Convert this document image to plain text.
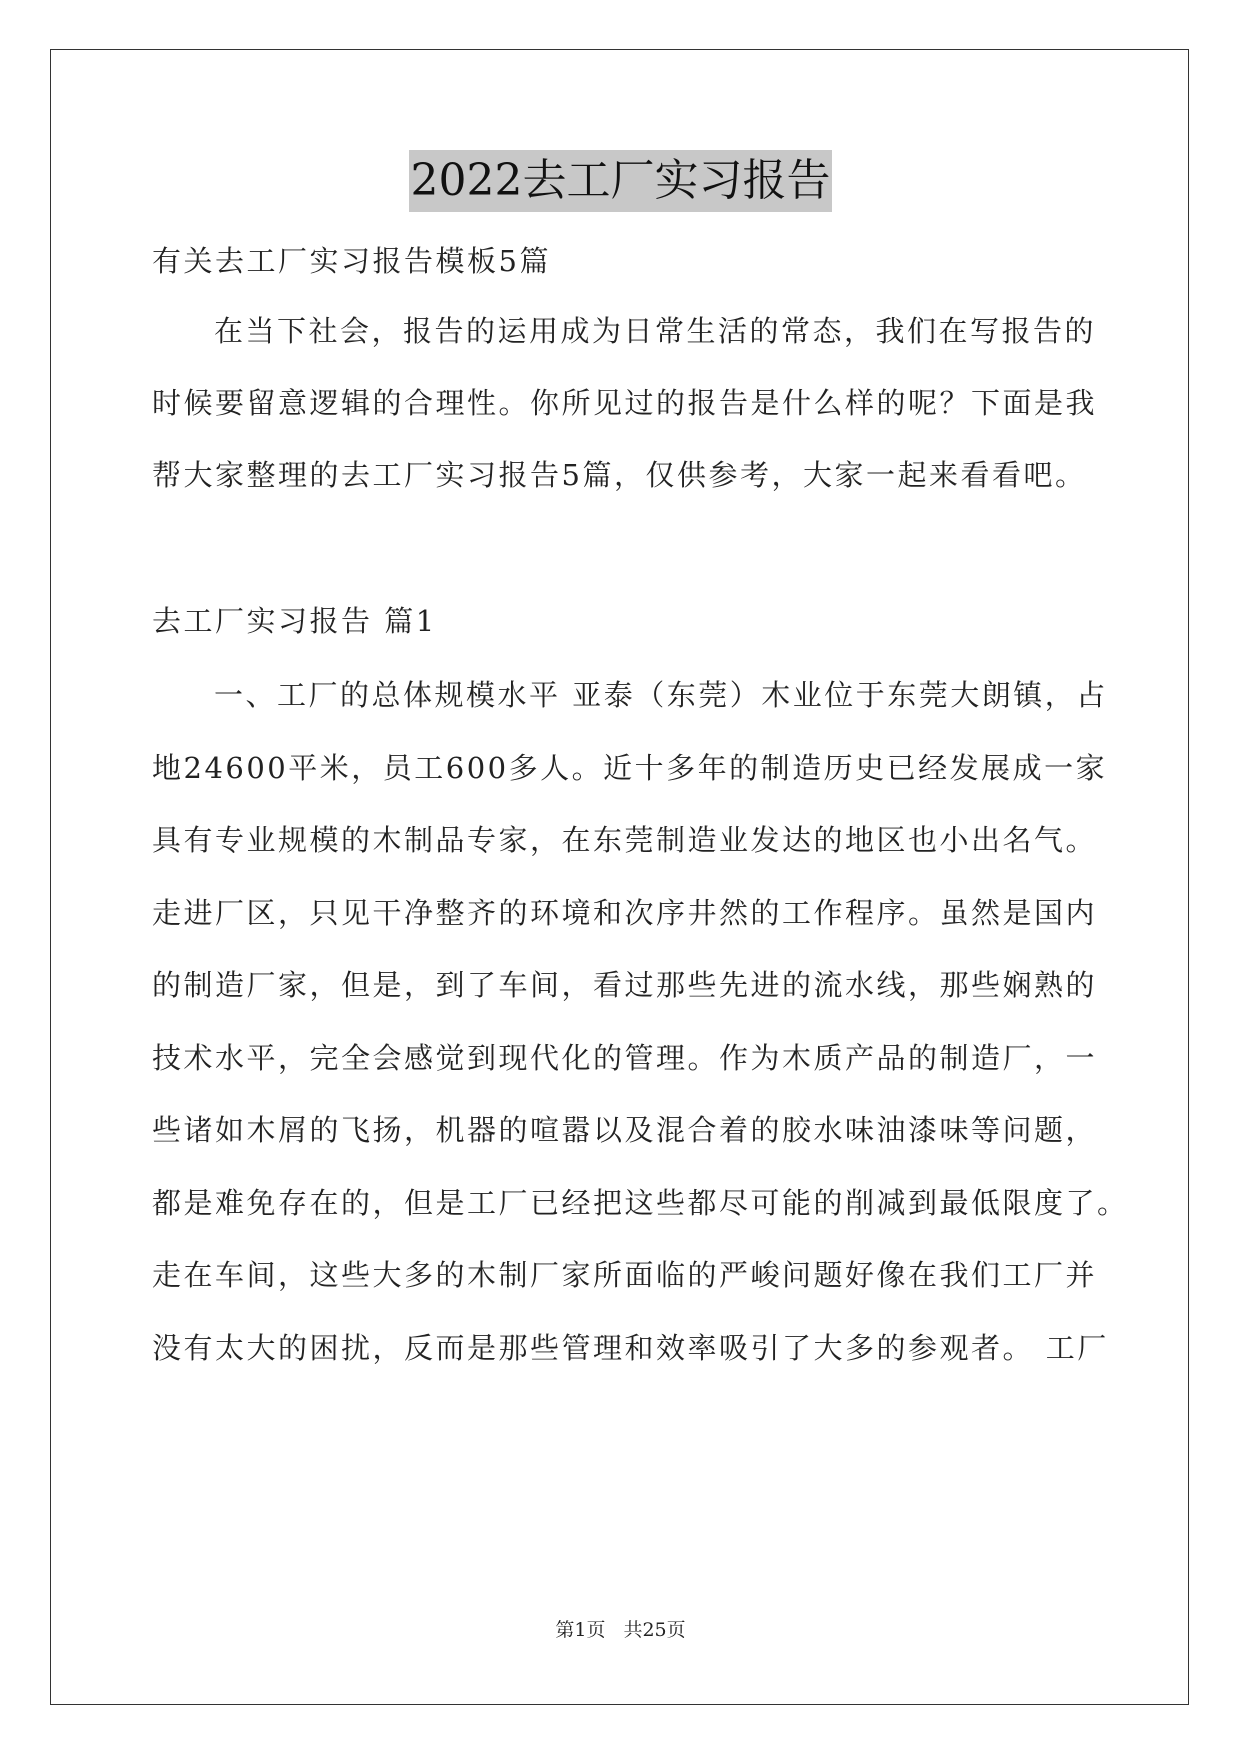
2022去工厂实习报告
有关去工厂实习报告模板5篇
在当下社会，报告的运用成为日常生活的常态，我们在写报告的
时候要留意逻辑的合理性。你所见过的报告是什么样的呢？下面是我
帮大家整理的去工厂实习报告5篇，仅供参考，大家一起来看看吧。
去工厂实习报告 篇1
一、工厂的总体规模水平 亚泰（东莞）木业位于东莞大朗镇，占
地24600平米，员工600多人。近十多年的制造历史已经发展成一家
具有专业规模的木制品专家，在东莞制造业发达的地区也小出名气。
走进厂区，只见干净整齐的环境和次序井然的工作程序。虽然是国内
的制造厂家，但是，到了车间，看过那些先进的流水线，那些娴熟的
技术水平，完全会感觉到现代化的管理。作为木质产品的制造厂，一
些诸如木屑的飞扬，机器的喧嚣以及混合着的胶水味油漆味等问题，
都是难免存在的，但是工厂已经把这些都尽可能的削减到最低限度了。
走在车间，这些大多的木制厂家所面临的严峻问题好像在我们工厂并
没有太大的困扰，反而是那些管理和效率吸引了大多的参观者。 工厂
第1页 共25页
